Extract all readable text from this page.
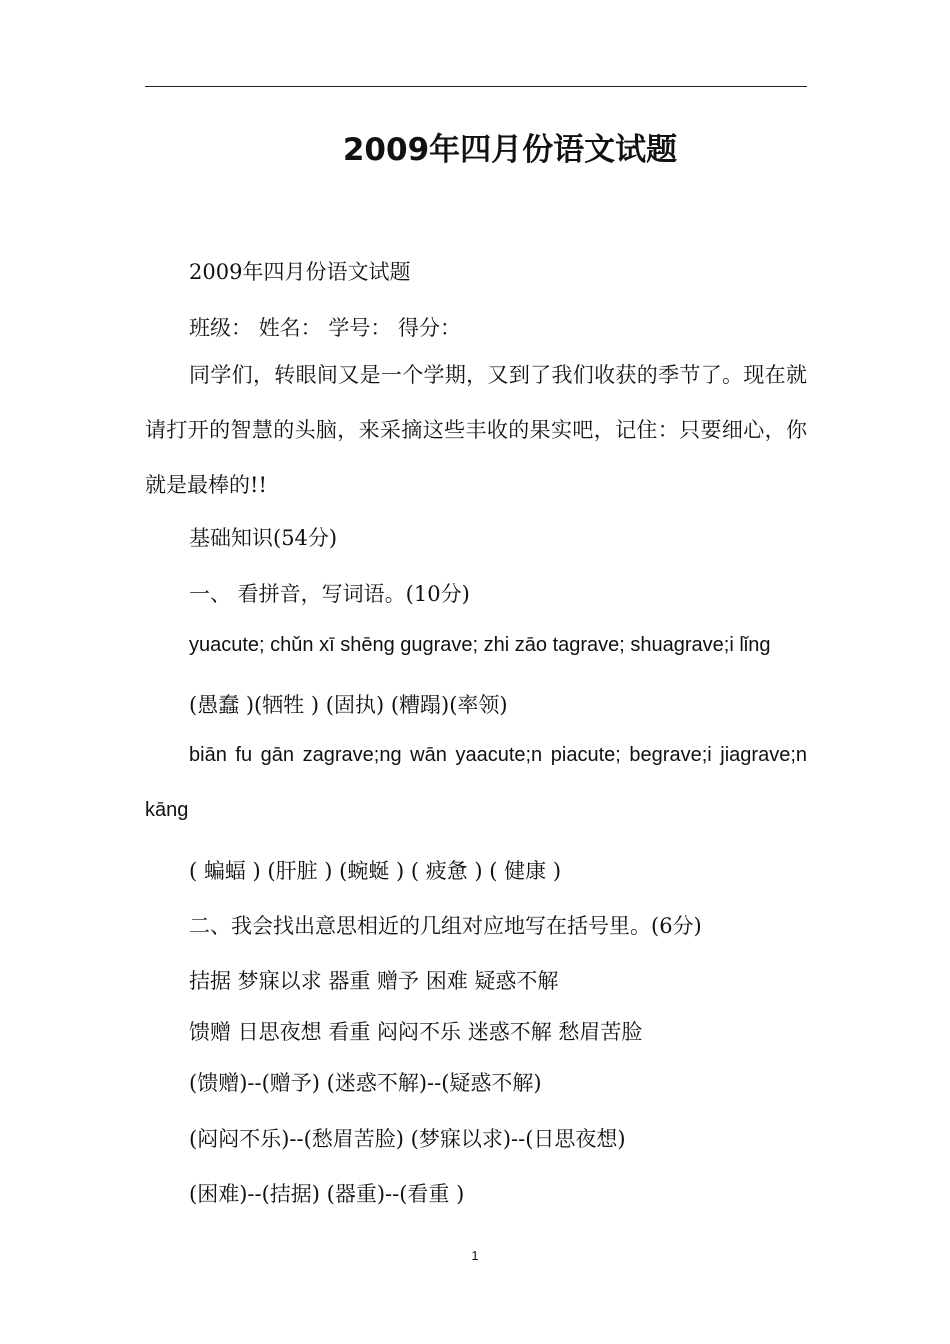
2009年四月份语文试题
2009年四月份语文试题
班级： 姓名： 学号： 得分：
同学们，转眼间又是一个学期，又到了我们收获的季节了。现在就请打开的智慧的头脑，来采摘这些丰收的果实吧，记住：只要细心，你就是最棒的!!
基础知识(54分)
一、 看拼音，写词语。(10分)
yuacute; chǔn xī shēng gugrave; zhi zāo tagrave; shuagrave;i lǐng
(愚蠢 )(牺牲 ) (固执) (糟蹋)(率领)
biān fu gān zagrave;ng wān yaacute;n piacute; begrave;i jiagrave;n
kāng
( 蝙蝠 ) (肝脏 ) (蜿蜒 ) ( 疲惫 ) ( 健康 )
二、我会找出意思相近的几组对应地写在括号里。(6分)
拮据 梦寐以求 器重 赠予 困难 疑惑不解
馈赠 日思夜想 看重 闷闷不乐 迷惑不解 愁眉苦脸
(馈赠)--(赠予) (迷惑不解)--(疑惑不解)
(闷闷不乐)--(愁眉苦脸) (梦寐以求)--(日思夜想)
(困难)--(拮据) (器重)--(看重 )
1
